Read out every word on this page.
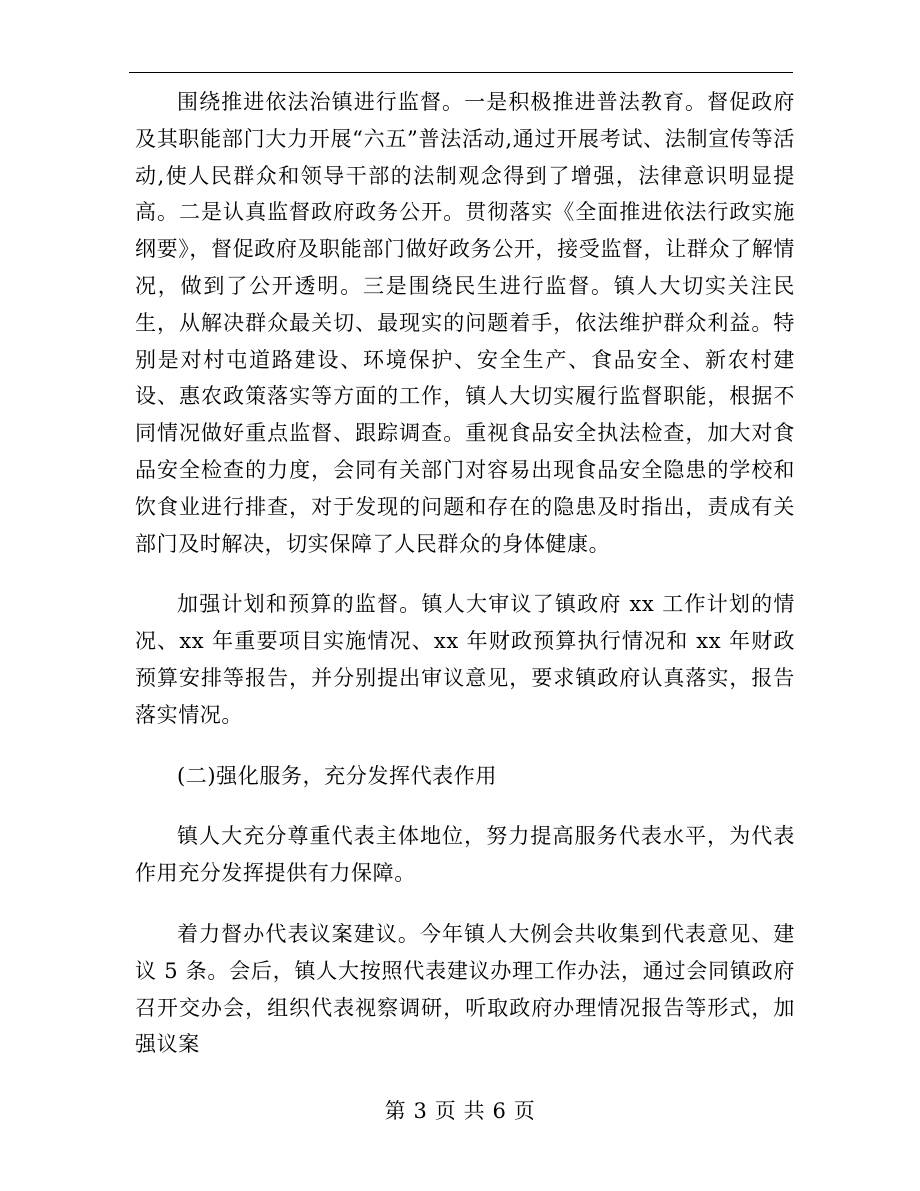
围绕推进依法治镇进行监督。一是积极推进普法教育。督促政府及其职能部门大力开展“六五”普法活动,通过开展考试、法制宣传等活动,使人民群众和领导干部的法制观念得到了增强，法律意识明显提高。二是认真监督政府政务公开。贯彻落实《全面推进依法行政实施纲要》，督促政府及职能部门做好政务公开，接受监督，让群众了解情况，做到了公开透明。三是围绕民生进行监督。镇人大切实关注民生，从解决群众最关切、最现实的问题着手，依法维护群众利益。特别是对村屯道路建设、环境保护、安全生产、食品安全、新农村建设、惠农政策落实等方面的工作，镇人大切实履行监督职能，根据不同情况做好重点监督、跟踪调查。重视食品安全执法检查，加大对食品安全检查的力度，会同有关部门对容易出现食品安全隐患的学校和饮食业进行排查，对于发现的问题和存在的隐患及时指出，责成有关部门及时解决，切实保障了人民群众的身体健康。

加强计划和预算的监督。镇人大审议了镇政府 xx 工作计划的情况、xx 年重要项目实施情况、xx 年财政预算执行情况和 xx 年财政预算安排等报告，并分别提出审议意见，要求镇政府认真落实，报告落实情况。

(二)强化服务，充分发挥代表作用

镇人大充分尊重代表主体地位，努力提高服务代表水平，为代表作用充分发挥提供有力保障。

着力督办代表议案建议。今年镇人大例会共收集到代表意见、建议 5 条。会后，镇人大按照代表建议办理工作办法，通过会同镇政府召开交办会，组织代表视察调研，听取政府办理情况报告等形式，加强议案

第 3 页 共 6 页
